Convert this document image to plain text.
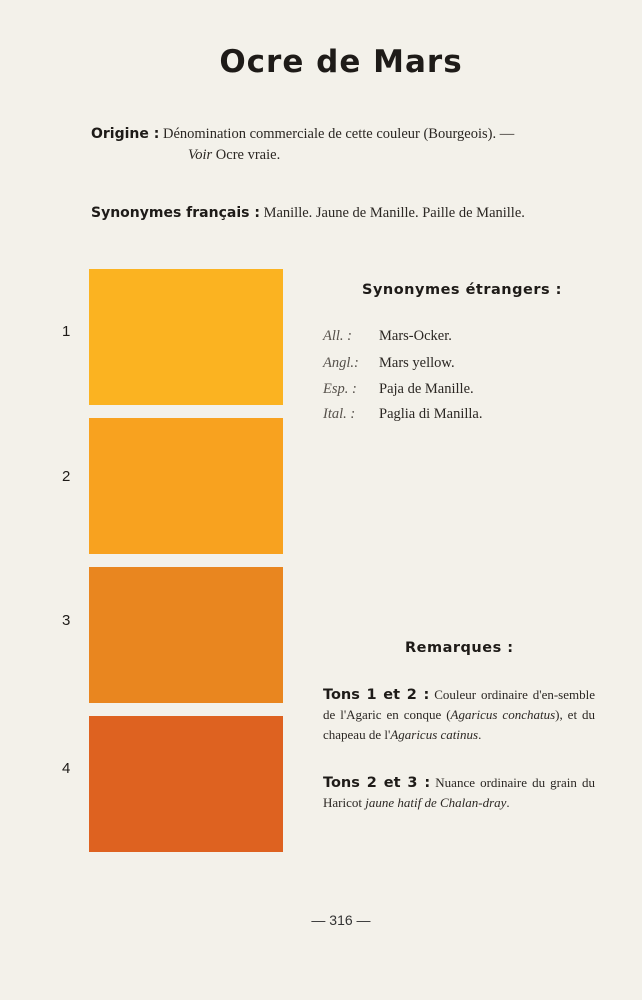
Ocre de Mars
Origine : Dénomination commerciale de cette couleur (Bourgeois). —
Voir Ocre vraie.
Synonymes français : Manille. Jaune de Manille. Paille de Manille.
1
2
3
4
Synonymes étrangers :
All. : Mars-Ocker.
Angl.: Mars yellow.
Esp. : Paja de Manille.
Ital. : Paglia di Manilla.
Remarques :
Tons 1 et 2 : Couleur ordinaire d'en-semble de l'Agaric en conque (Agaricus conchatus), et du chapeau de l'Agaricus catinus.
Tons 2 et 3 : Nuance ordinaire du grain du Haricot jaune hatif de Chalan-dray.
— 316 —
